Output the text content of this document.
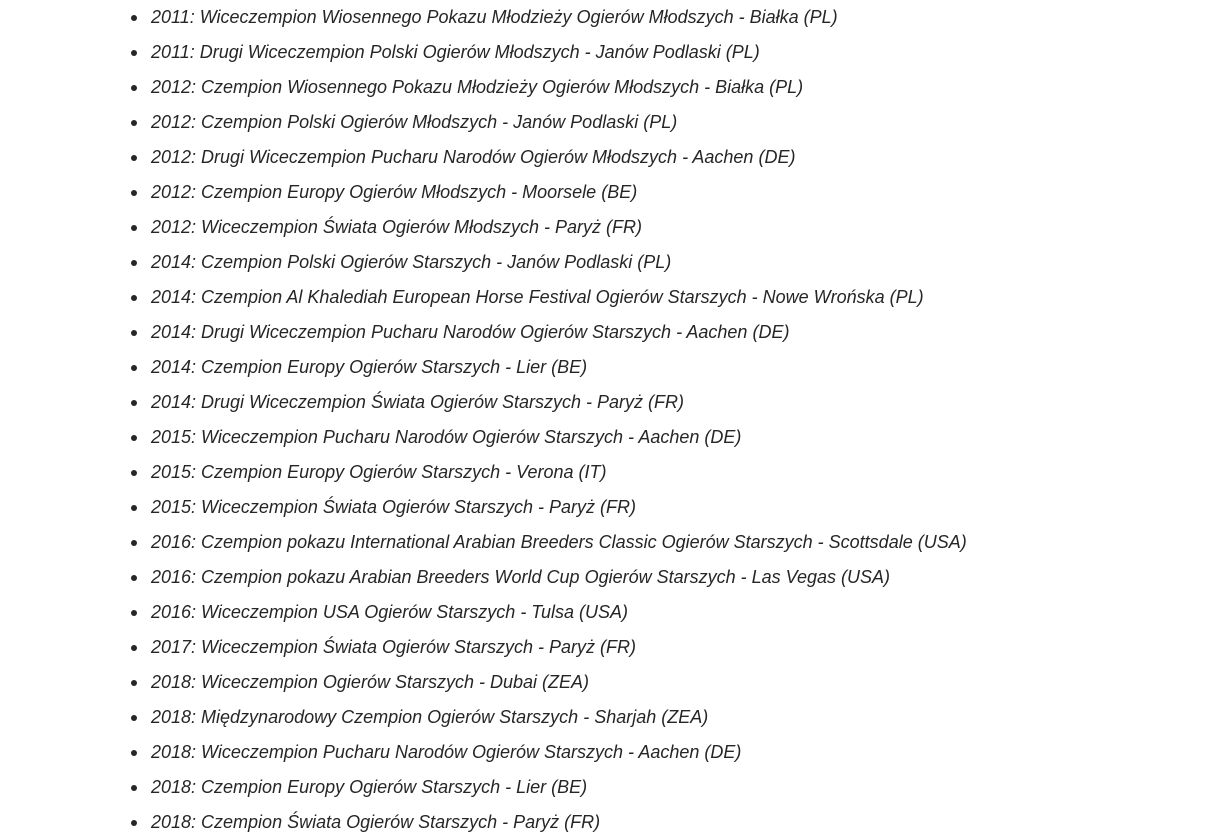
2011: Wiceczempion Wiosennego Pokazu Młodzieży Ogierów Młodszych - Białka (PL)
2011: Drugi Wiceczempion Polski Ogierów Młodszych - Janów Podlaski (PL)
2012: Czempion Wiosennego Pokazu Młodzieży Ogierów Młodszych - Białka (PL)
2012: Czempion Polski Ogierów Młodszych - Janów Podlaski (PL)
2012: Drugi Wiceczempion Pucharu Narodów Ogierów Młodszych - Aachen (DE)
2012: Czempion Europy Ogierów Młodszych - Moorsele (BE)
2012: Wiceczempion Świata Ogierów Młodszych - Paryż (FR)
2014: Czempion Polski Ogierów Starszych - Janów Podlaski (PL)
2014: Czempion Al Khalediah European Horse Festival Ogierów Starszych - Nowe Wrońska (PL)
2014: Drugi Wiceczempion Pucharu Narodów Ogierów Starszych - Aachen (DE)
2014: Czempion Europy Ogierów Starszych - Lier (BE)
2014: Drugi Wiceczempion Świata Ogierów Starszych - Paryż (FR)
2015: Wiceczempion Pucharu Narodów Ogierów Starszych - Aachen (DE)
2015: Czempion Europy Ogierów Starszych - Verona (IT)
2015: Wiceczempion Świata Ogierów Starszych - Paryż (FR)
2016: Czempion pokazu International Arabian Breeders Classic Ogierów Starszych - Scottsdale (USA)
2016: Czempion pokazu Arabian Breeders World Cup Ogierów Starszych - Las Vegas (USA)
2016: Wiceczempion USA Ogierów Starszych - Tulsa (USA)
2017: Wiceczempion Świata Ogierów Starszych - Paryż (FR)
2018: Wiceczempion Ogierów Starszych - Dubai (ZEA)
2018: Międzynarodowy Czempion Ogierów Starszych - Sharjah (ZEA)
2018: Wiceczempion Pucharu Narodów Ogierów Starszych - Aachen (DE)
2018: Czempion Europy Ogierów Starszych - Lier (BE)
2018: Czempion Świata Ogierów Starszych - Paryż (FR)
